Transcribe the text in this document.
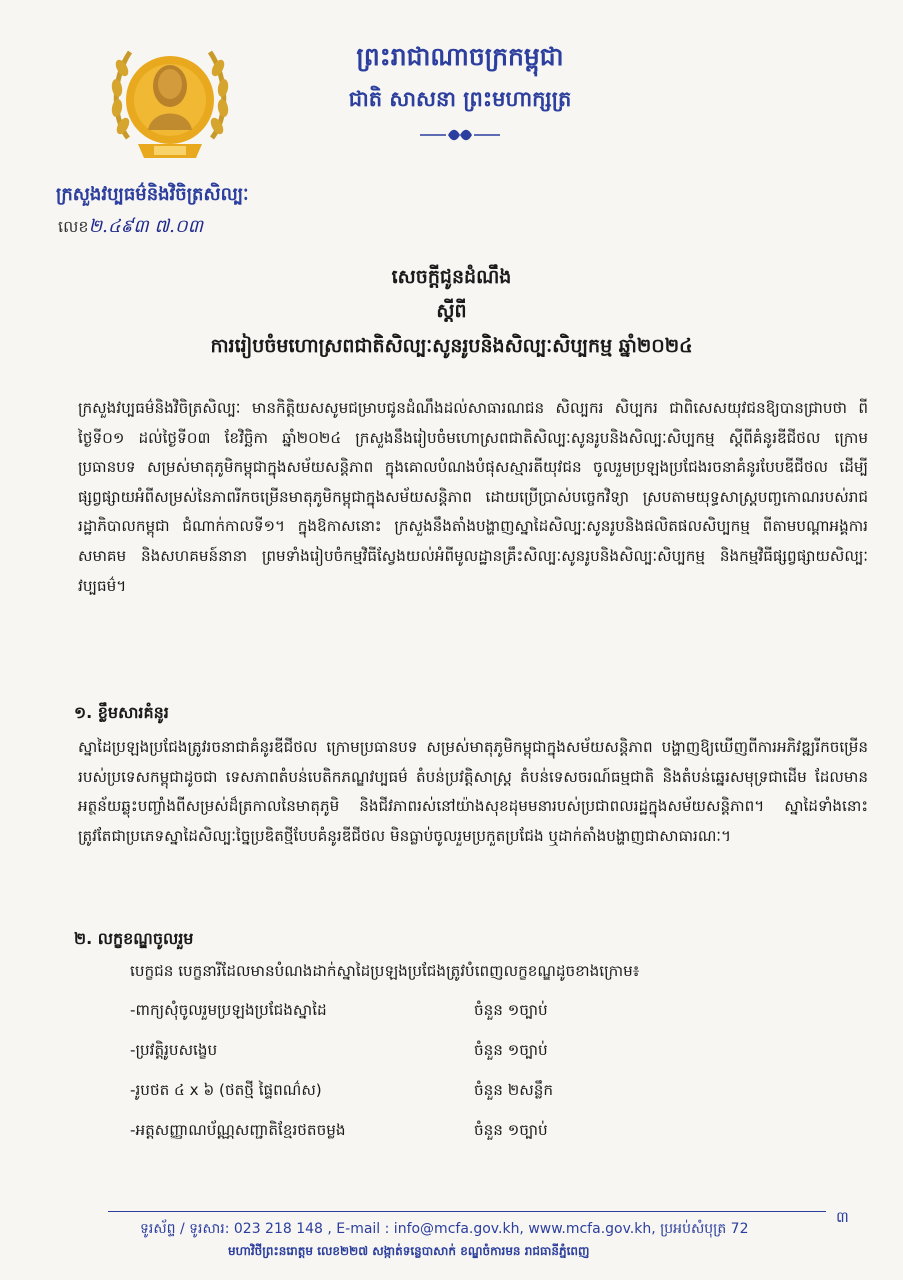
ព្រះរាជាណាចក្រកម្ពុជា
ជាតិ សាសនា ព្រះមហាក្សត្រ
ក្រសួងវប្បធម៌និងវិចិត្រសិល្បៈ
លេខ២.៤៩៣ ៧.០៣
សេចក្ដីជូនដំណឹង
ស្ដីពី
ការរៀបចំមហោស្រពជាតិសិល្បៈសូនរូបនិងសិល្បៈសិប្បកម្ម ឆ្នាំ២០២៤
ក្រសួងវប្បធម៌និងវិចិត្រសិល្បៈ មានកិត្តិយសសូមជម្រាបជូនដំណឹងដល់សាធារណជន សិល្បករ សិប្បករ ជាពិសេសយុវជនឱ្យបានជ្រាបថា ពីថ្ងៃទី០១ ដល់ថ្ងៃទី០៣ ខែវិច្ឆិកា ឆ្នាំ២០២៤ ក្រសួងនឹងរៀបចំមហោស្រពជាតិសិល្បៈសូនរូបនិងសិល្បៈសិប្បកម្ម ស្ដីពីគំនូរឌីជីថល ក្រោមប្រធានបទ សម្រស់មាតុភូមិកម្ពុជាក្នុងសម័យសន្តិភាព ក្នុងគោលបំណងបំផុសស្មារតីយុវជន ចូលរួមប្រឡងប្រជែងរចនាគំនូរបែបឌីជីថល ដើម្បីផ្សព្វផ្សាយអំពីសម្រស់នៃភាពរីកចម្រើនមាតុភូមិកម្ពុជាក្នុងសម័យសន្តិភាព ដោយប្រើប្រាស់បច្ចេកវិទ្យា ស្របតាមយុទ្ធសាស្ត្របញ្ចកោណរបស់រាជរដ្ឋាភិបាលកម្ពុជា ជំណាក់កាលទី១។ ក្នុងឱកាសនោះ ក្រសួងនឹងតាំងបង្ហាញស្នាដៃសិល្បៈសូនរូបនិងផលិតផលសិប្បកម្ម ពីតាមបណ្ដាអង្គការ សមាគម និងសហគមន៍នានា ព្រមទាំងរៀបចំកម្មវិធីស្វែងយល់អំពីមូលដ្ឋានគ្រឹះសិល្បៈសូនរូបនិងសិល្បៈសិប្បកម្ម និងកម្មវិធីផ្សព្វផ្សាយសិល្បៈវប្បធម៌។
១. ខ្លឹមសារគំនូរ
ស្នាដៃប្រឡងប្រជែងត្រូវរចនាជាគំនូរឌីជីថល ក្រោមប្រធានបទ សម្រស់មាតុភូមិកម្ពុជាក្នុងសម័យសន្តិភាព បង្ហាញឱ្យឃើញពីការអភិវឌ្ឍរីកចម្រើនរបស់ប្រទេសកម្ពុជាដូចជា ទេសភាពតំបន់បេតិកភណ្ឌវប្បធម៌ តំបន់ប្រវត្តិសាស្ត្រ តំបន់ទេសចរណ៍ធម្មជាតិ និងតំបន់ឆ្នេរសមុទ្រជាដើម ដែលមានអត្ថន័យឆ្លុះបញ្ចាំងពីសម្រស់ដ៏ត្រកាលនៃមាតុភូមិ និងជីវភាពរស់នៅយ៉ាងសុខដុមមនារបស់ប្រជាពលរដ្ឋក្នុងសម័យសន្តិភាព។ ស្នាដៃទាំងនោះត្រូវតែជាប្រភេទស្នាដៃសិល្បៈច្នៃប្រឌិតថ្មីបែបគំនូរឌីជីថល មិនធ្លាប់ចូលរួមប្រកួតប្រជែង ឬដាក់តាំងបង្ហាញជាសាធារណៈ។
២. លក្ខខណ្ឌចូលរួម
បេក្ខជន បេក្ខនារីដែលមានបំណងដាក់ស្នាដៃប្រឡងប្រជែងត្រូវបំពេញលក្ខខណ្ឌដូចខាងក្រោម៖
-ពាក្យសុំចូលរួមប្រឡងប្រជែងស្នាដៃ	ចំនួន ១ច្បាប់
-ប្រវត្តិរូបសង្ខេប	ចំនួន ១ច្បាប់
-រូបថត ៤ x ៦ (ថតថ្មី ផ្ទៃពណ៌ស)	ចំនួន ២សន្លឹក
-អត្តសញ្ញាណប័ណ្ណសញ្ជាតិខ្មែរថតចម្លង	ចំនួន ១ច្បាប់
៣
ទូរស័ព្ទ / ទូរសារ: 023 218 148 , E-mail : info@mcfa.gov.kh, www.mcfa.gov.kh, ប្រអប់សំបុត្រ 72
មហាវិថីព្រះនរោត្តម លេខ២២៧ សង្កាត់ទន្លេបាសាក់ ខណ្ឌចំការមន រាជធានីភ្នំពេញ
